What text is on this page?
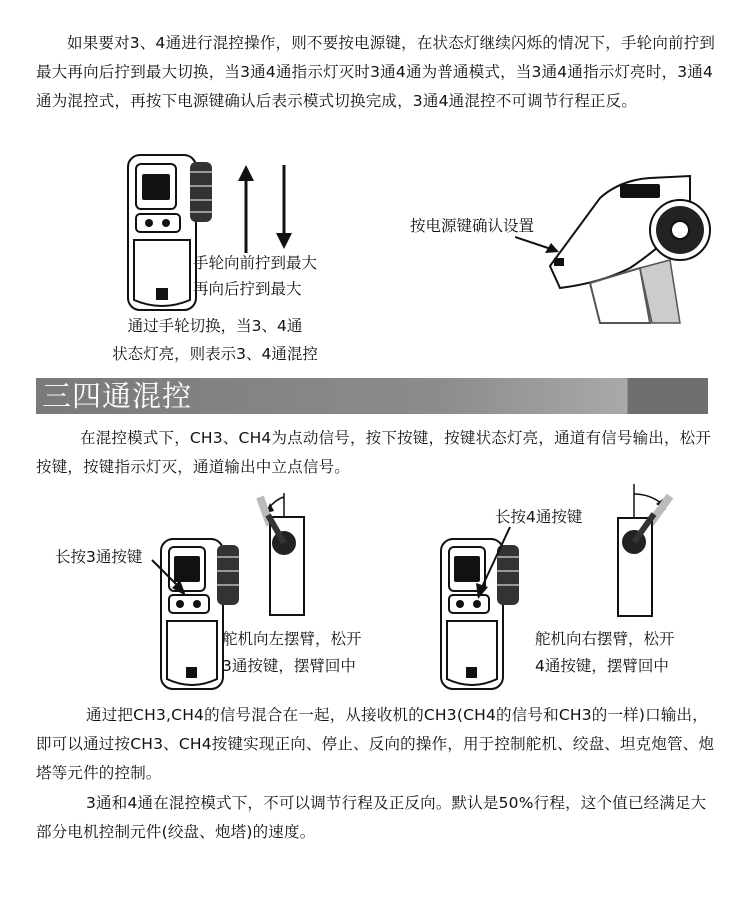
如果要对3、4通进行混控操作，则不要按电源键，在状态灯继续闪烁的情况下，手轮向前拧到最大再向后拧到最大切换，当3通4通指示灯灭时3通4通为普通模式，当3通4通指示灯亮时，3通4通为混控式，再按下电源键确认后表示模式切换完成，3通4通混控不可调节行程正反。
手轮向前拧到最大
再向后拧到最大
通过手轮切换，当3、4通
状态灯亮，则表示3、4通混控
按电源键确认设置
三四通混控
在混控模式下，CH3、CH4为点动信号，按下按键，按键状态灯亮，通道有信号输出，松开按键，按键指示灯灭，通道输出中立点信号。
长按3通按键
舵机向左摆臂，松开
3通按键，摆臂回中
长按4通按键
舵机向右摆臂，松开
4通按键，摆臂回中
通过把CH3,CH4的信号混合在一起，从接收机的CH3(CH4的信号和CH3的一样)口输出，即可以通过按CH3、CH4按键实现正向、停止、反向的操作，用于控制舵机、绞盘、坦克炮管、炮塔等元件的控制。
3通和4通在混控模式下，不可以调节行程及正反向。默认是50%行程，这个值已经满足大部分电机控制元件(绞盘、炮塔)的速度。
